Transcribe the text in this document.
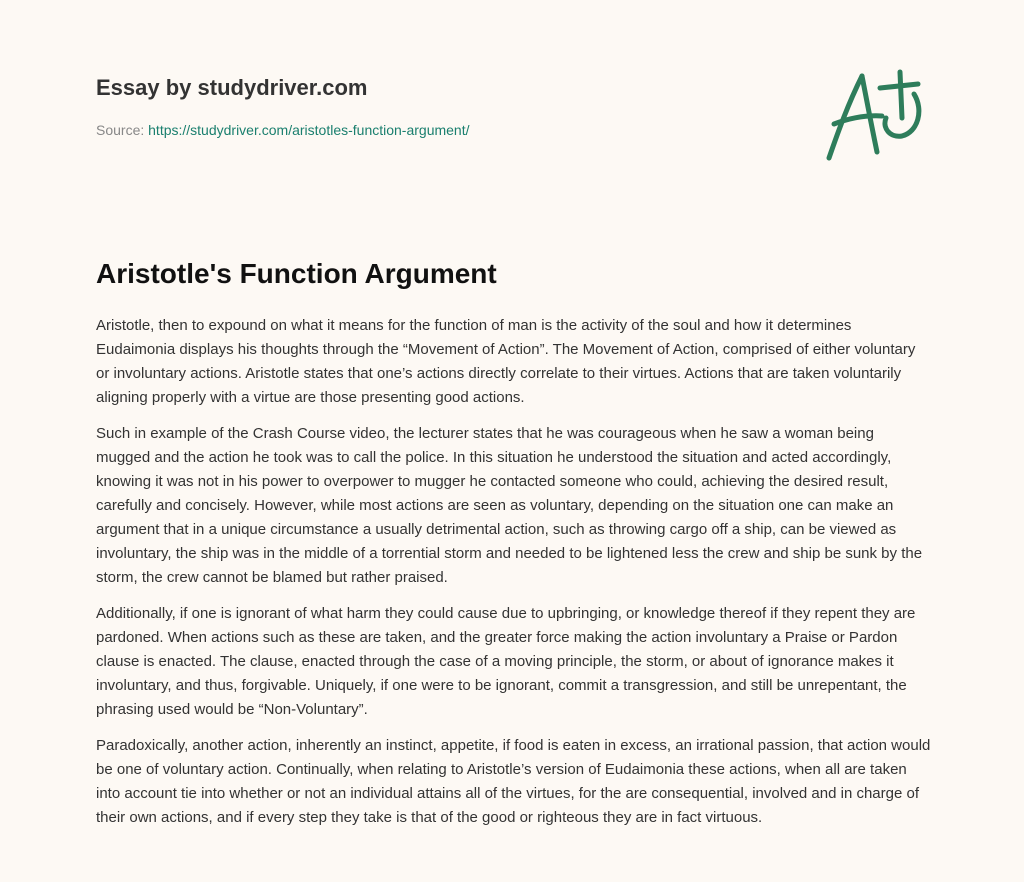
Essay by studydriver.com
Source: https://studydriver.com/aristotles-function-argument/
Aristotle's Function Argument

Aristotle, then to expound on what it means for the function of man is the activity of the soul and how it determines Eudaimonia displays his thoughts through the “Movement of Action”. The Movement of Action, comprised of either voluntary or involuntary actions. Aristotle states that one’s actions directly correlate to their virtues. Actions that are taken voluntarily aligning properly with a virtue are those presenting good actions.

Such in example of the Crash Course video, the lecturer states that he was courageous when he saw a woman being mugged and the action he took was to call the police. In this situation he understood the situation and acted accordingly, knowing it was not in his power to overpower to mugger he contacted someone who could, achieving the desired result, carefully and concisely. However, while most actions are seen as voluntary, depending on the situation one can make an argument that in a unique circumstance a usually detrimental action, such as throwing cargo off a ship, can be viewed as involuntary, the ship was in the middle of a torrential storm and needed to be lightened less the crew and ship be sunk by the storm, the crew cannot be blamed but rather praised.

Additionally, if one is ignorant of what harm they could cause due to upbringing, or knowledge thereof if they repent they are pardoned. When actions such as these are taken, and the greater force making the action involuntary a Praise or Pardon clause is enacted. The clause, enacted through the case of a moving principle, the storm, or about of ignorance makes it involuntary, and thus, forgivable. Uniquely, if one were to be ignorant, commit a transgression, and still be unrepentant, the phrasing used would be “Non-Voluntary”.

Paradoxically, another action, inherently an instinct, appetite, if food is eaten in excess, an irrational passion, that action would be one of voluntary action. Continually, when relating to Aristotle’s version of Eudaimonia these actions, when all are taken into account tie into whether or not an individual attains all of the virtues, for the are consequential, involved and in charge of their own actions, and if every step they take is that of the good or righteous they are in fact virtuous.
